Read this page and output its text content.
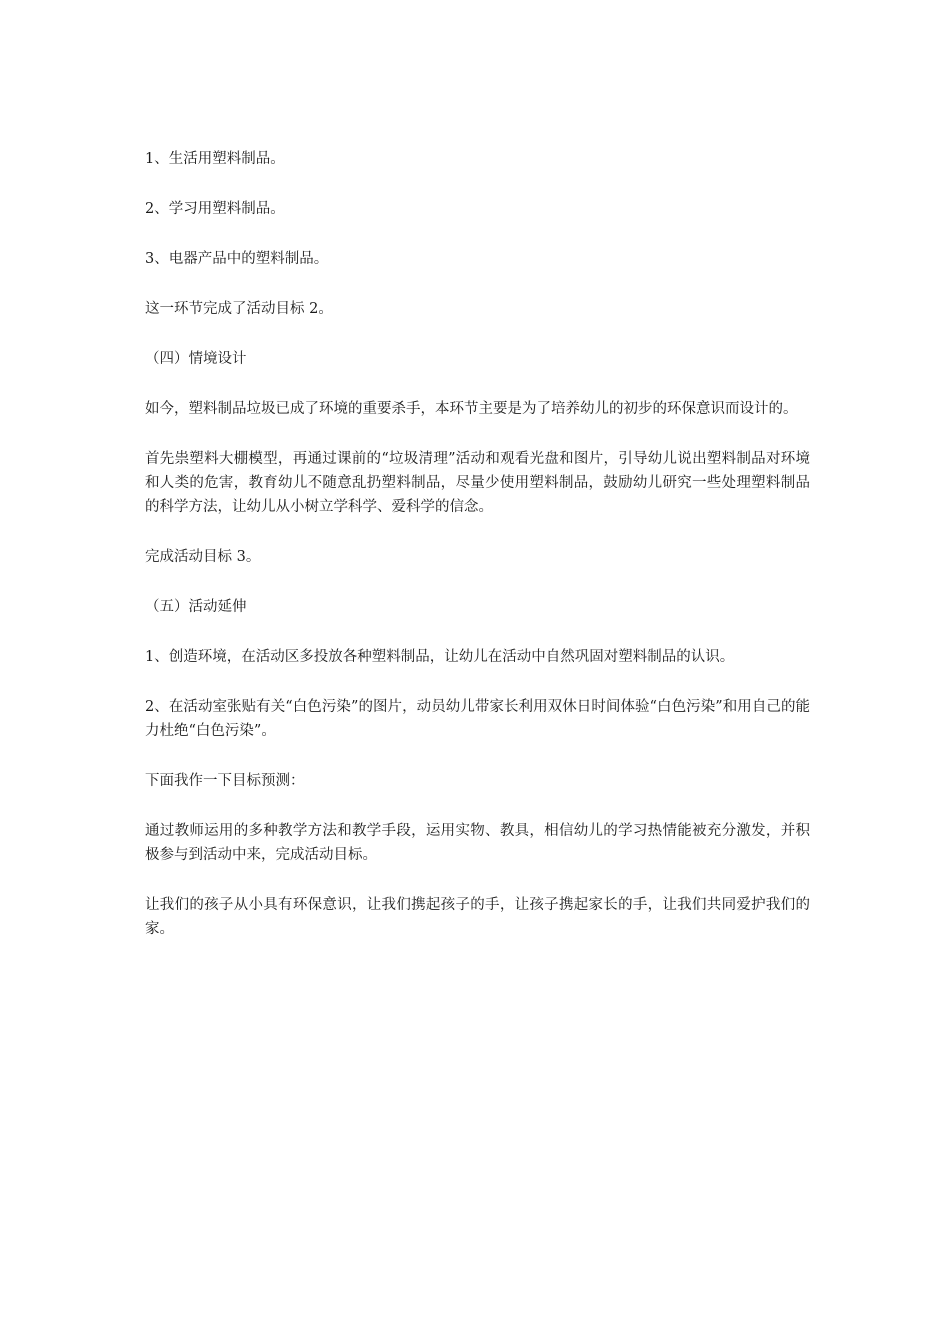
1、生活用塑料制品。

2、学习用塑料制品。

3、电器产品中的塑料制品。

这一环节完成了活动目标 2。

（四）情境设计

如今，塑料制品垃圾已成了环境的重要杀手，本环节主要是为了培养幼儿的初步的环保意识而设计的。

首先祟塑料大棚模型，再通过课前的“垃圾清理”活动和观看光盘和图片，引导幼儿说出塑料制品对环境和人类的危害，教育幼儿不随意乱扔塑料制品，尽量少使用塑料制品，鼓励幼儿研究一些处理塑料制品的科学方法，让幼儿从小树立学科学、爱科学的信念。

完成活动目标 3。

（五）活动延伸

1、创造环境，在活动区多投放各种塑料制品，让幼儿在活动中自然巩固对塑料制品的认识。

2、在活动室张贴有关“白色污染”的图片，动员幼儿带家长利用双休日时间体验“白色污染”和用自己的能力杜绝“白色污染”。

下面我作一下目标预测：

通过教师运用的多种教学方法和教学手段，运用实物、教具，相信幼儿的学习热情能被充分激发，并积极参与到活动中来，完成活动目标。

让我们的孩子从小具有环保意识，让我们携起孩子的手，让孩子携起家长的手，让我们共同爱护我们的家。
